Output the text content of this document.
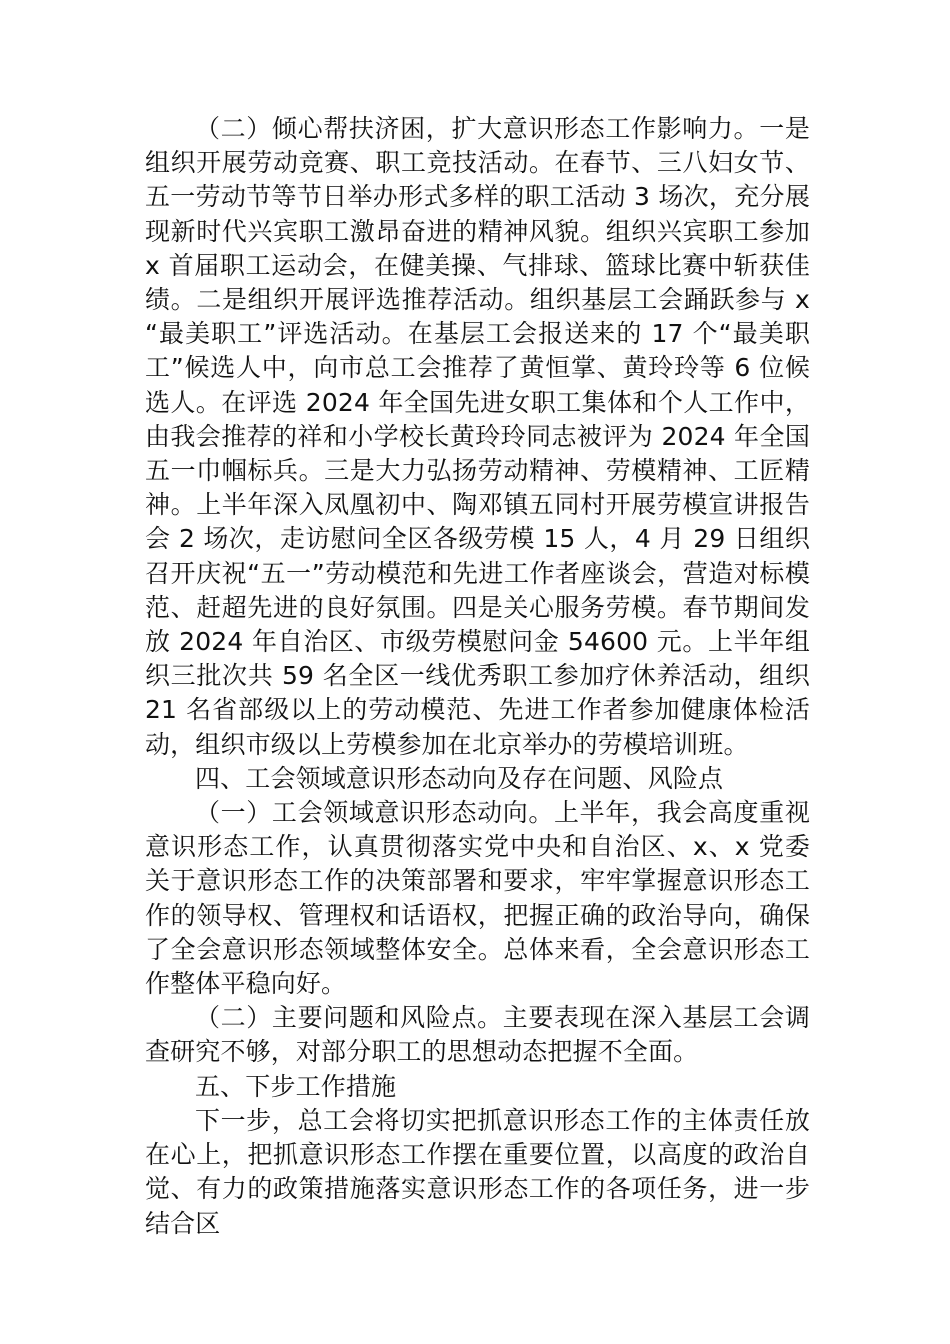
（二）倾心帮扶济困，扩大意识形态工作影响力。一是组织开展劳动竞赛、职工竞技活动。在春节、三八妇女节、五一劳动节等节日举办形式多样的职工活动 3 场次，充分展现新时代兴宾职工激昂奋进的精神风貌。组织兴宾职工参加 x 首届职工运动会，在健美操、气排球、篮球比赛中斩获佳绩。二是组织开展评选推荐活动。组织基层工会踊跃参与 x “最美职工”评选活动。在基层工会报送来的 17 个“最美职工”候选人中，向市总工会推荐了黄恒掌、黄玲玲等 6 位候选人。在评选 2024 年全国先进女职工集体和个人工作中，由我会推荐的祥和小学校长黄玲玲同志被评为 2024 年全国五一巾帼标兵。三是大力弘扬劳动精神、劳模精神、工匠精神。上半年深入凤凰初中、陶邓镇五同村开展劳模宣讲报告会 2 场次，走访慰问全区各级劳模 15 人，4 月 29 日组织召开庆祝“五一”劳动模范和先进工作者座谈会，营造对标模范、赶超先进的良好氛围。四是关心服务劳模。春节期间发放 2024 年自治区、市级劳模慰问金 54600 元。上半年组织三批次共 59 名全区一线优秀职工参加疗休养活动，组织 21 名省部级以上的劳动模范、先进工作者参加健康体检活动，组织市级以上劳模参加在北京举办的劳模培训班。

四、工会领域意识形态动向及存在问题、风险点

（一）工会领域意识形态动向。上半年，我会高度重视意识形态工作，认真贯彻落实党中央和自治区、x、x 党委关于意识形态工作的决策部署和要求，牢牢掌握意识形态工作的领导权、管理权和话语权，把握正确的政治导向，确保了全会意识形态领域整体安全。总体来看，全会意识形态工作整体平稳向好。

（二）主要问题和风险点。主要表现在深入基层工会调查研究不够，对部分职工的思想动态把握不全面。

五、下步工作措施

下一步，总工会将切实把抓意识形态工作的主体责任放在心上，把抓意识形态工作摆在重要位置，以高度的政治自觉、有力的政策措施落实意识形态工作的各项任务，进一步结合区
